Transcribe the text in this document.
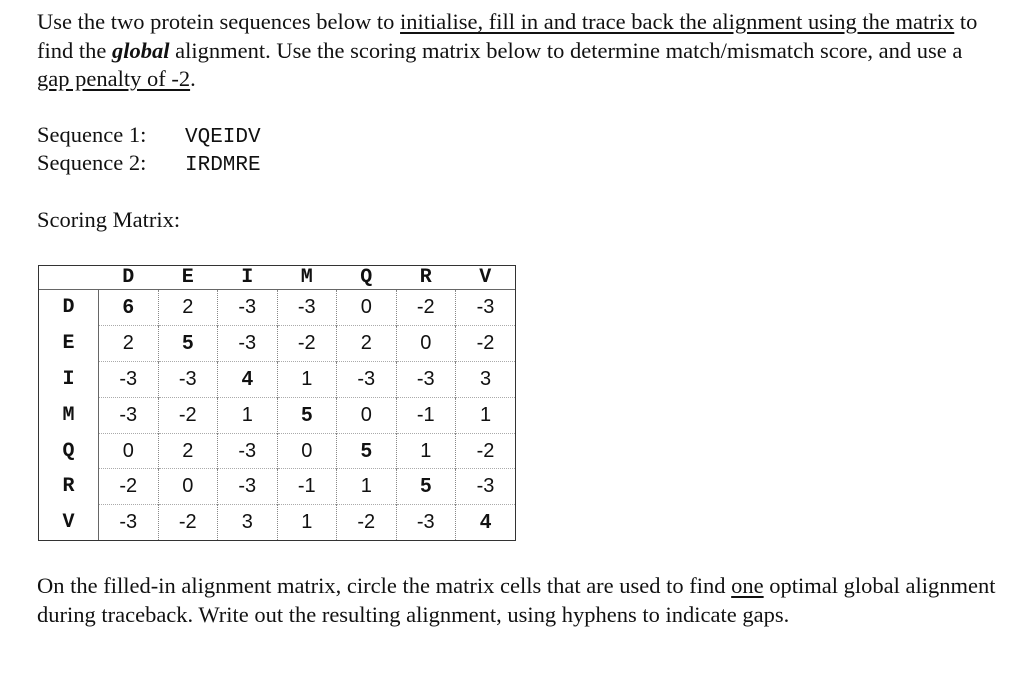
Use the two protein sequences below to initialise, fill in and trace back the alignment using the matrix to find the global alignment. Use the scoring matrix below to determine match/mismatch score, and use a gap penalty of -2.

Sequence 1: VQEIDV
Sequence 2: IRDMRE
Scoring Matrix:
	D	E	I	M	Q	R	V
D	6	2	-3	-3	0	-2	-3
E	2	5	-3	-2	2	0	-2
I	-3	-3	4	1	-3	-3	3
M	-3	-2	1	5	0	-1	1
Q	0	2	-3	0	5	1	-2
R	-2	0	-3	-1	1	5	-3
V	-3	-2	3	1	-2	-3	4

On the filled-in alignment matrix, circle the matrix cells that are used to find one optimal global alignment during traceback. Write out the resulting alignment, using hyphens to indicate gaps.
